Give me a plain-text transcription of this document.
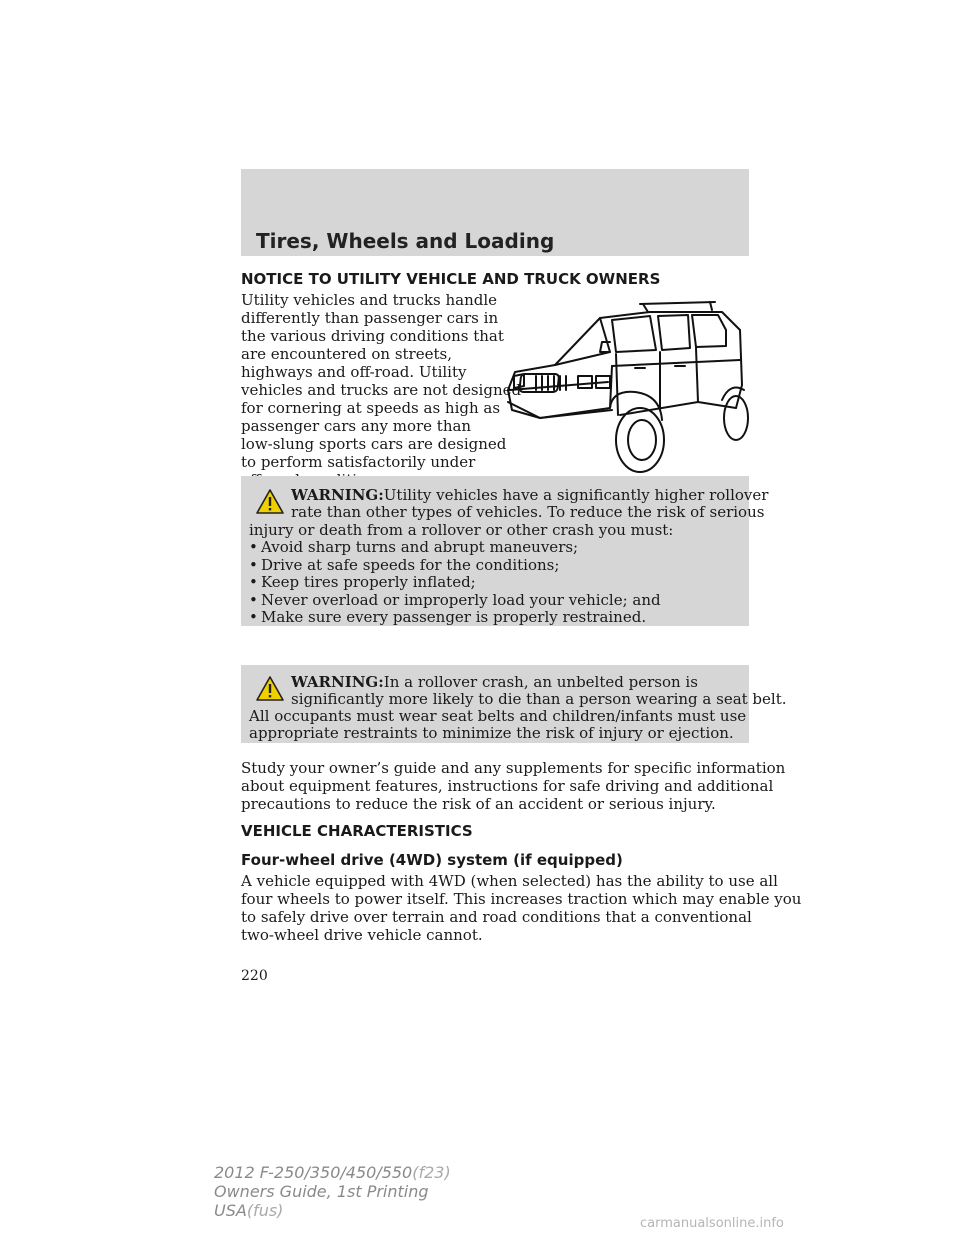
Tires, Wheels and Loading
NOTICE TO UTILITY VEHICLE AND TRUCK OWNERS
Utility vehicles and trucks handle
differently than passenger cars in
the various driving conditions that
are encountered on streets,
highways and off-road. Utility
vehicles and trucks are not designed
for cornering at speeds as high as
passenger cars any more than
low-slung sports cars are designed
to perform satisfactorily under
WARNING:Utility vehicles have a significantly higher rollover
rate than other types of vehicles. To reduce the risk of serious
injury or death from a rollover or other crash you must:
• Avoid sharp turns and abrupt maneuvers;
• Drive at safe speeds for the conditions;
• Keep tires properly inflated;
• Never overload or improperly load your vehicle; and
• Make sure every passenger is properly restrained.
WARNING:In a rollover crash, an unbelted person is
significantly more likely to die than a person wearing a seat belt.
All occupants must wear seat belts and children/infants must use
appropriate restraints to minimize the risk of injury or ejection.
Study your owner’s guide and any supplements for specific information
about equipment features, instructions for safe driving and additional
precautions to reduce the risk of an accident or serious injury.
VEHICLE CHARACTERISTICS
Four-wheel drive (4WD) system (if equipped)
A vehicle equipped with 4WD (when selected) has the ability to use all
four wheels to power itself. This increases traction which may enable you
to safely drive over terrain and road conditions that a conventional
two-wheel drive vehicle cannot.
220
2012 F-250/350/450/550(f23)
Owners Guide, 1st Printing
USA(fus)
carmanualsonline.info
